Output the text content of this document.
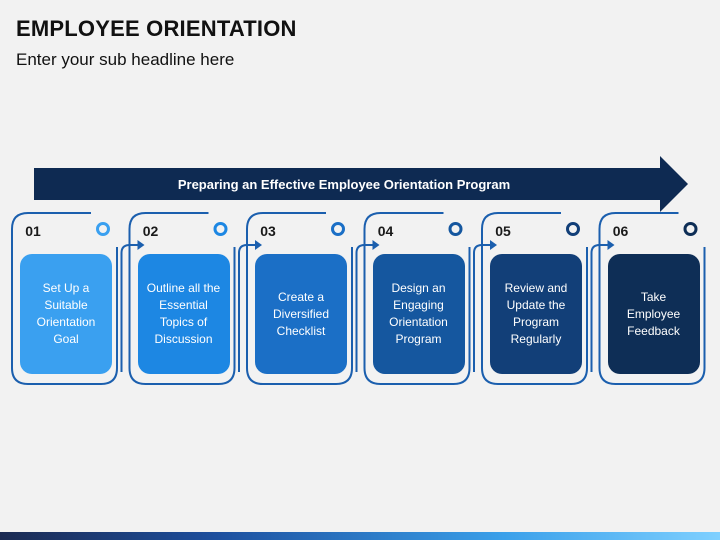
EMPLOYEE ORIENTATION
Enter your sub headline here
Preparing an Effective Employee Orientation Program
01
Set Up a Suitable Orientation Goal
02
Outline all the Essential Topics of Discussion
03
Create a Diversified Checklist
04
Design an Engaging Orientation Program
05
Review and Update the Program Regularly
06
Take Employee Feedback
